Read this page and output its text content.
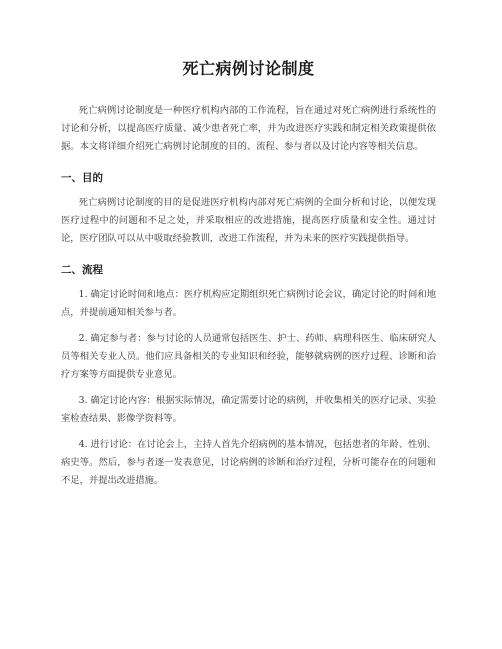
死亡病例讨论制度

死亡病例讨论制度是一种医疗机构内部的工作流程，旨在通过对死亡病例进行系统性的讨论和分析，以提高医疗质量、减少患者死亡率，并为改进医疗实践和制定相关政策提供依据。本文将详细介绍死亡病例讨论制度的目的、流程、参与者以及讨论内容等相关信息。

一、目的

死亡病例讨论制度的目的是促进医疗机构内部对死亡病例的全面分析和讨论，以便发现医疗过程中的问题和不足之处，并采取相应的改进措施，提高医疗质量和安全性。通过讨论，医疗团队可以从中吸取经验教训，改进工作流程，并为未来的医疗实践提供指导。

二、流程

1. 确定讨论时间和地点：医疗机构应定期组织死亡病例讨论会议，确定讨论的时间和地点，并提前通知相关参与者。

2. 确定参与者：参与讨论的人员通常包括医生、护士、药师、病理科医生、临床研究人员等相关专业人员。他们应具备相关的专业知识和经验，能够就病例的医疗过程、诊断和治疗方案等方面提供专业意见。

3. 确定讨论内容：根据实际情况，确定需要讨论的病例，并收集相关的医疗记录、实验室检查结果、影像学资料等。

4. 进行讨论：在讨论会上，主持人首先介绍病例的基本情况，包括患者的年龄、性别、病史等。然后，参与者逐一发表意见，讨论病例的诊断和治疗过程，分析可能存在的问题和不足，并提出改进措施。
